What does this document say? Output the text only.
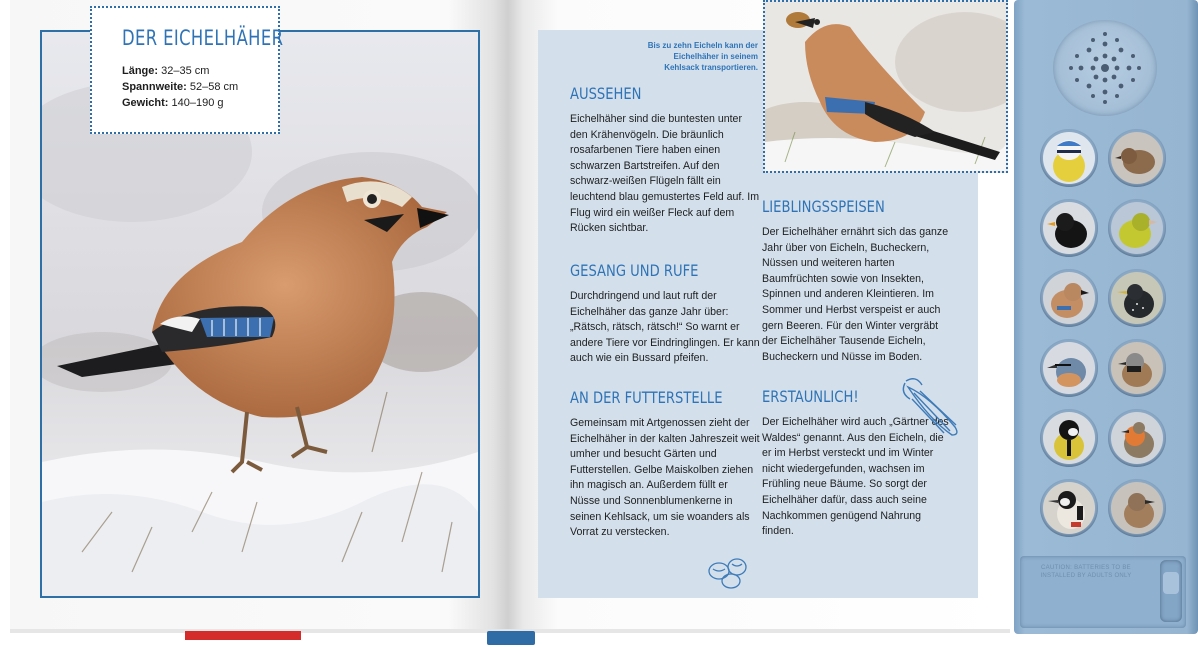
DER EICHELHÄHER
Länge: 32–35 cm
Spannweite: 52–58 cm
Gewicht: 140–190 g
Bis zu zehn Eicheln kann der Eichelhäher in seinem Kehlsack transportieren.
AUSSEHEN

Eichelhäher sind die buntesten unter den Krähenvögeln. Die bräunlich rosafarbenen Tiere haben einen schwarzen Bartstreifen. Auf den schwarz-weißen Flügeln fällt ein leuchtend blau gemustertes Feld auf. Im Flug wird ein weißer Fleck auf dem Rücken sichtbar.

GESANG UND RUFE

Durchdringend und laut ruft der Eichelhäher das ganze Jahr über: „Rätsch, rätsch, rätsch!“ So warnt er andere Tiere vor Eindringlingen. Er kann auch wie ein Bussard pfeifen.

AN DER FUTTERSTELLE

Gemeinsam mit Artgenossen zieht der Eichelhäher in der kalten Jahreszeit weit umher und besucht Gärten und Futterstellen. Gelbe Maiskolben ziehen ihn magisch an. Außerdem füllt er Nüsse und Sonnenblumenkerne in seinen Kehlsack, um sie woanders als Vorrat zu verstecken.

LIEBLINGSSPEISEN

Der Eichelhäher ernährt sich das ganze Jahr über von Eicheln, Bucheckern, Nüssen und weiteren harten Baumfrüchten sowie von Insekten, Spinnen und anderen Kleintieren. Im Sommer und Herbst verspeist er auch gern Beeren. Für den Winter vergräbt der Eichelhäher Tausende Eicheln, Bucheckern und Nüsse im Boden.

ERSTAUNLICH!

Der Eichelhäher wird auch „Gärtner des Waldes“ genannt. Aus den Eicheln, die er im Herbst versteckt und im Winter nicht wiedergefunden, wachsen im Frühling neue Bäume. So sorgt der Eichelhäher dafür, dass auch seine Nachkommen genügend Nahrung finden.

CAUTION: BATTERIES TO BE INSTALLED BY ADULTS ONLY
